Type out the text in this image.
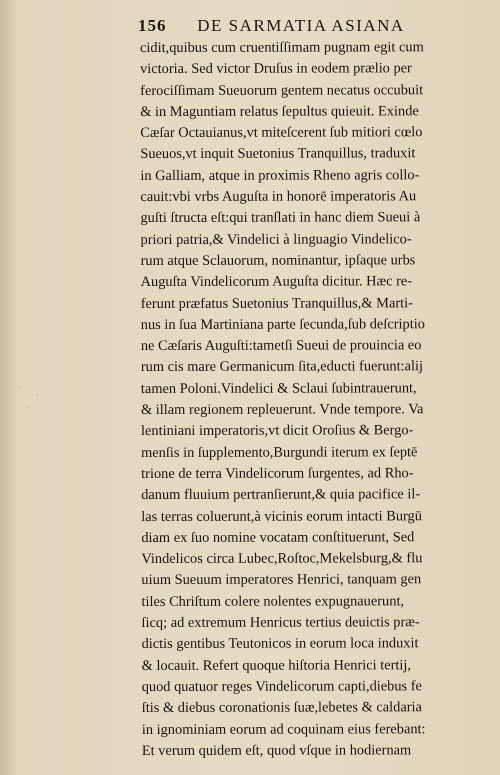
156 DE SARMATIA ASIANA
cidit,quibus cum cruentiſſimam pugnam egit cum
victoria. Sed victor Druſus in eodem prælio per
ferociſſimam Sueuorum gentem necatus occubuit
& in Maguntiam relatus ſepultus quieuit. Exinde
Cæſar Octauianus,vt miteſcerent ſub mitiori cœlo
Sueuos,vt inquit Suetonius Tranquillus, traduxit
in Galliam, atque in proximis Rheno agris collo-
cauit:vbi vrbs Auguſta in honorē imperatoris Au
guſti ſtructa eſt:qui tranſlati in hanc diem Sueui à
priori patria,& Vindelici à linguagio Vindelico-
rum atque Sclauorum, nominantur, ipſaque urbs
Auguſta Vindelicorum Auguſta dicitur. Hæc re-
ferunt præfatus Suetonius Tranquillus,& Marti-
nus in ſua Martiniana parte ſecunda,ſub deſcriptio
ne Cæſaris Auguſti:tametſi Sueui de prouincia eo
rum cis mare Germanicum ſita,educti fuerunt:alij
tamen Poloni.Vindelici & Sclaui ſubintrauerunt,
& illam regionem repleuerunt. Vnde tempore. Va
lentiniani imperatoris,vt dicit Oroſius & Bergo-
menſis in ſupplemento,Burgundi iterum ex ſeptē
trione de terra Vindelicorum ſurgentes, ad Rho-
danum fluuium pertranſierunt,& quia pacifice il-
las terras coluerunt,à vicinis eorum intacti Burgū
diam ex ſuo nomine vocatam conſtituerunt, Sed
Vindelicos circa Lubec,Roſtoc,Mekelsburg,& flu
uium Sueuum imperatores Henrici, tanquam gen
tiles Chriſtum colere nolentes expugnauerunt,
ſicq; ad extremum Henricus tertius deuictis præ-
dictis gentibus Teutonicos in eorum loca induxit
& locauit. Refert quoque hiſtoria Henrici tertij,
quod quatuor reges Vindelicorum capti,diebus fe
ſtis & diebus coronationis ſuæ,lebetes & caldaria
in ignominiam eorum ad coquinam eius ferebant:
Et verum quidem eſt, quod vſque in hodiernam
